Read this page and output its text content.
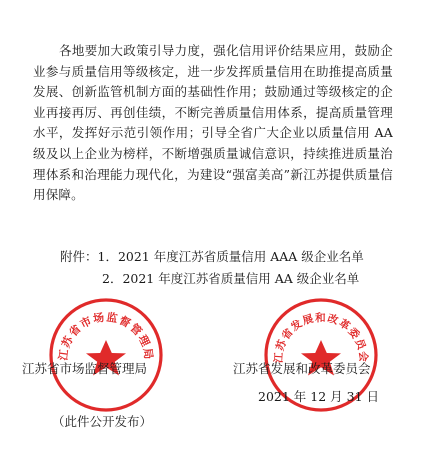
各地要加大政策引导力度，强化信用评价结果应用，鼓励企业参与质量信用等级核定，进一步发挥质量信用在助推提高质量发展、创新监管机制方面的基础性作用；鼓励通过等级核定的企业再接再厉、再创佳绩，不断完善质量信用体系，提高质量管理水平，发挥好示范引领作用；引导全省广大企业以质量信用 AA 级及以上企业为榜样，不断增强质量诚信意识，持续推进质量治理体系和治理能力现代化，为建设“强富美高”新江苏提供质量信用保障。

附件：1．2021 年度江苏省质量信用 AAA 级企业名单
2．2021 年度江苏省质量信用 AA 级企业名单
江苏省市场监督管理局	江苏省发展和改革委员会
江苏省市场监督管理局	江苏省发展和改革委员会
2021 年 12 月 31 日
（此件公开发布）
